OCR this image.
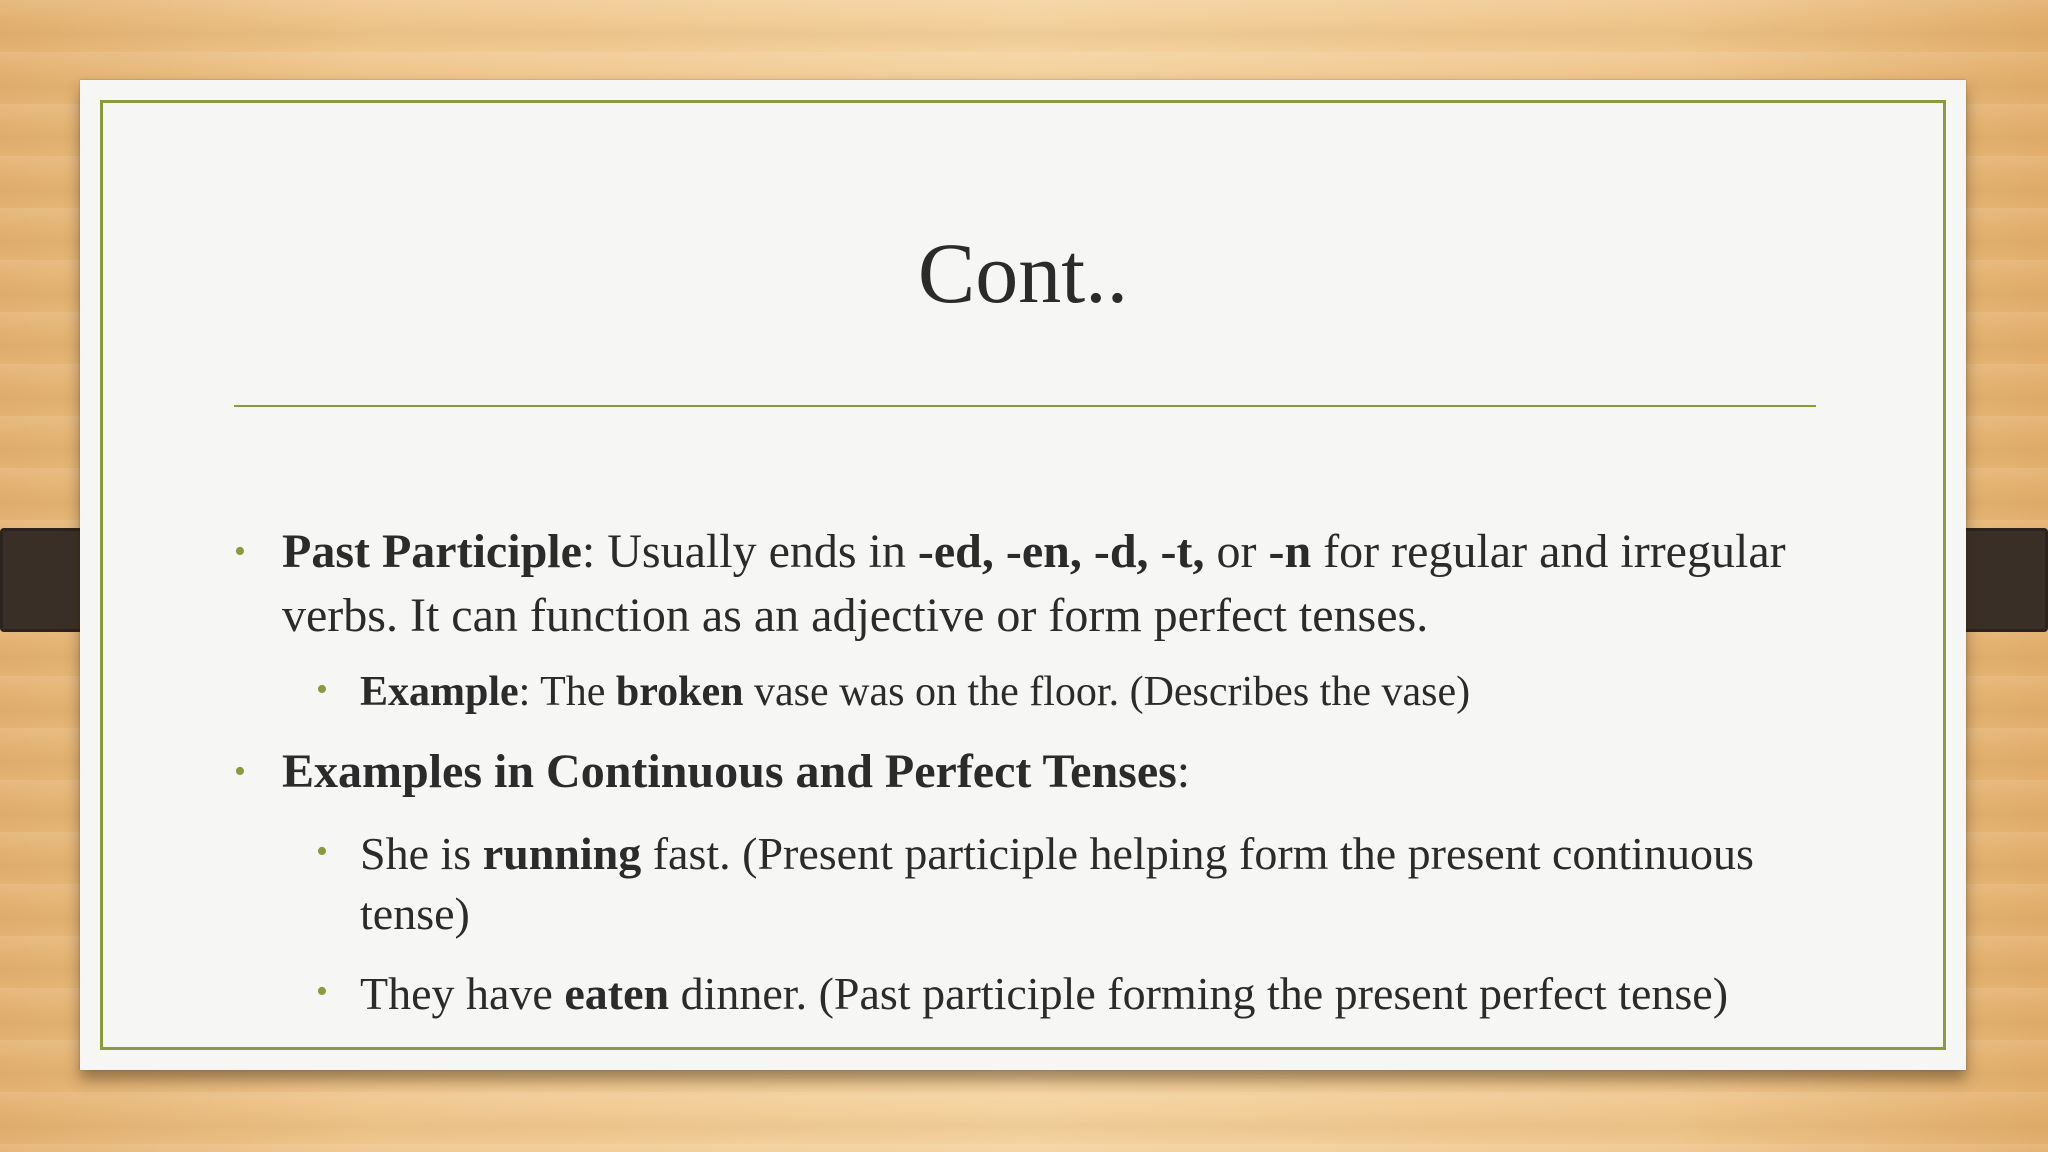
Cont..
• Past Participle: Usually ends in -ed, -en, -d, -t, or -n for regular and irregular verbs. It can function as an adjective or form perfect tenses.
• Example: The broken vase was on the floor. (Describes the vase)
• Examples in Continuous and Perfect Tenses:
• She is running fast. (Present participle helping form the present continuous tense)
• They have eaten dinner. (Past participle forming the present perfect tense)
